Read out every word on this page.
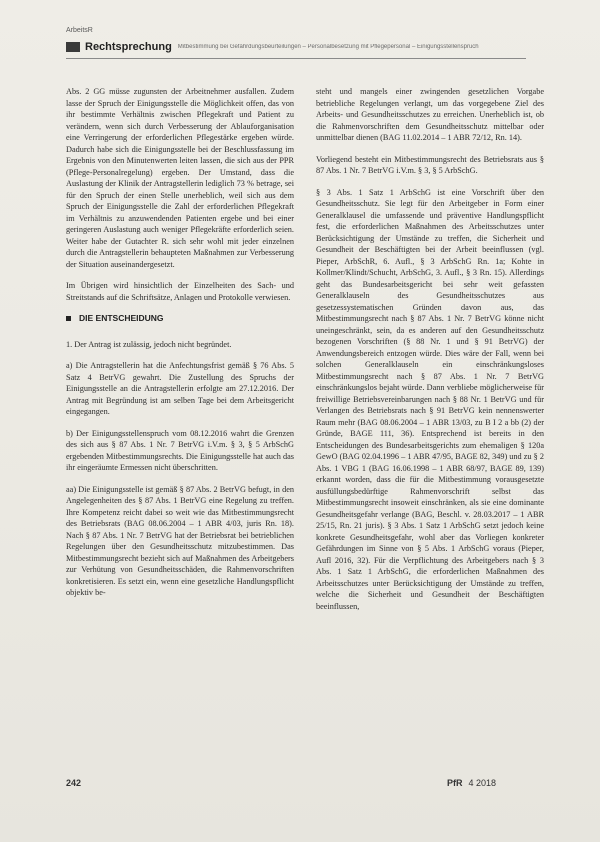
ArbeitsR
Rechtsprechung Mitbestimmung bei Gefährdungsbeurteilungen – Personalbesetzung mit Pflegepersonal – Einigungsstellenspruch

Abs. 2 GG müsse zugunsten der Arbeitnehmer ausfallen. Zudem lasse der Spruch der Einigungsstelle die Möglichkeit offen, das von ihr bestimmte Verhältnis zwischen Pflegekraft und Patient zu verändern, wenn sich durch Verbesserung der Ablauforganisation eine Verringerung der erforderlichen Pflegestärke ergeben würde. Dadurch habe sich die Einigungsstelle bei der Beschlussfassung im Ergebnis von den Minutenwerten leiten lassen, die sich aus der PPR (Pflege-Personalregelung) ergeben. Der Umstand, dass die Auslastung der Klinik der Antragstellerin lediglich 73 % betrage, sei für den Spruch der einen Stelle unerheblich, weil sich aus dem Spruch der Einigungsstelle die Zahl der erforderlichen Pflegekraft im Verhältnis zu anzuwendenden Patienten ergebe und bei einer geringeren Auslastung auch weniger Pflegekräfte erforderlich seien. Weiter habe der Gutachter R. sich sehr wohl mit jeder einzelnen durch die Antragstellerin behaupteten Maßnahmen zur Verbesserung der Situation auseinandergesetzt.

Im Übrigen wird hinsichtlich der Einzelheiten des Sach- und Streitstands auf die Schriftsätze, Anlagen und Protokolle verwiesen.

DIE ENTSCHEIDUNG

1. Der Antrag ist zulässig, jedoch nicht begründet.

a) Die Antragstellerin hat die Anfechtungsfrist gemäß § 76 Abs. 5 Satz 4 BetrVG gewahrt. Die Zustellung des Spruchs der Einigungsstelle an die Antragstellerin erfolgte am 27.12.2016. Der Antrag mit Begründung ist am selben Tage bei dem Arbeitsgericht eingegangen.

b) Der Einigungsstellenspruch vom 08.12.2016 wahrt die Grenzen des sich aus § 87 Abs. 1 Nr. 7 BetrVG i.V.m. § 3, § 5 ArbSchG ergebenden Mitbestimmungsrechts. Die Einigungsstelle hat auch das ihr eingeräumte Ermessen nicht überschritten.

aa) Die Einigungsstelle ist gemäß § 87 Abs. 2 BetrVG befugt, in den Angelegenheiten des § 87 Abs. 1 BetrVG eine Regelung zu treffen. Ihre Kompetenz reicht dabei so weit wie das Mitbestimmungsrecht des Betriebsrats (BAG 08.06.2004 – 1 ABR 4/03, juris Rn. 18). Nach § 87 Abs. 1 Nr. 7 BetrVG hat der Betriebsrat bei betrieblichen Regelungen über den Gesundheitsschutz mitzubestimmen. Das Mitbestimmungsrecht bezieht sich auf Maßnahmen des Arbeitgebers zur Verhütung von Gesundheitsschäden, die Rahmenvorschriften konkretisieren. Es setzt ein, wenn eine gesetzliche Handlungspflicht objektiv be-

steht und mangels einer zwingenden gesetzlichen Vorgabe betriebliche Regelungen verlangt, um das vorgegebene Ziel des Arbeits- und Gesundheitsschutzes zu erreichen. Unerheblich ist, ob die Rahmenvorschriften dem Gesundheitsschutz mittelbar oder unmittelbar dienen (BAG 11.02.2014 – 1 ABR 72/12, Rn. 14).

Vorliegend besteht ein Mitbestimmungsrecht des Betriebsrats aus § 87 Abs. 1 Nr. 7 BetrVG i.V.m. § 3, § 5 ArbSchG.

§ 3 Abs. 1 Satz 1 ArbSchG ist eine Vorschrift über den Gesundheitsschutz. Sie legt für den Arbeitgeber in Form einer Generalklausel die umfassende und präventive Handlungspflicht fest, die erforderlichen Maßnahmen des Arbeitsschutzes unter Berücksichtigung der Umstände zu treffen, die Sicherheit und Gesundheit der Beschäftigten bei der Arbeit beeinflussen (vgl. Pieper, ArbSchR, 6. Aufl., § 3 ArbSchG Rn. 1a; Kohte in Kollmer/Klindt/Schucht, ArbSchG, 3. Aufl., § 3 Rn. 15). Allerdings geht das Bundesarbeitsgericht bei sehr weit gefassten Generalklauseln des Gesundheitsschutzes aus gesetzessystematischen Gründen davon aus, das Mitbestimmungsrecht nach § 87 Abs. 1 Nr. 7 BetrVG könne nicht uneingeschränkt, sein, da es anderen auf den Gesundheitsschutz bezogenen Vorschriften (§ 88 Nr. 1 und § 91 BetrVG) der Anwendungsbereich entzogen würde. Dies wäre der Fall, wenn bei solchen Generalklauseln ein einschränkungsloses Mitbestimmungsrecht nach § 87 Abs. 1 Nr. 7 BetrVG einschränkungslos bejaht würde. Dann verbliebe möglicherweise für freiwillige Betriebsvereinbarungen nach § 88 Nr. 1 BetrVG und für Verlangen des Betriebsrats nach § 91 BetrVG kein nennenswerter Raum mehr (BAG 08.06.2004 – 1 ABR 13/03, zu B I 2 a bb (2) der Gründe, BAGE 111, 36). Entsprechend ist bereits in den Entscheidungen des Bundesarbeitsgerichts zum ehemaligen § 120a GewO (BAG 02.04.1996 – 1 ABR 47/95, BAGE 82, 349) und zu § 2 Abs. 1 VBG 1 (BAG 16.06.1998 – 1 ABR 68/97, BAGE 89, 139) erkannt worden, dass die für die Mitbestimmung vorausgesetzte ausfüllungsbedürftige Rahmenvorschrift selbst das Mitbestimmungsrecht insoweit einschränken, als sie eine dominante Gesundheitsgefahr verlange (BAG, Beschl. v. 28.03.2017 – 1 ABR 25/15, Rn. 21 juris). § 3 Abs. 1 Satz 1 ArbSchG setzt jedoch keine konkrete Gesundheitsgefahr, wohl aber das Vorliegen konkreter Gefährdungen im Sinne von § 5 Abs. 1 ArbSchG voraus (Pieper, Aufl 2016, 32). Für die Verpflichtung des Arbeitgebers nach § 3 Abs. 1 Satz 1 ArbSchG, die erforderlichen Maßnahmen des Arbeitsschutzes unter Berücksichtigung der Umstände zu treffen, welche die Sicherheit und Gesundheit der Beschäftigten beeinflussen,

242	PfR 4 2018
